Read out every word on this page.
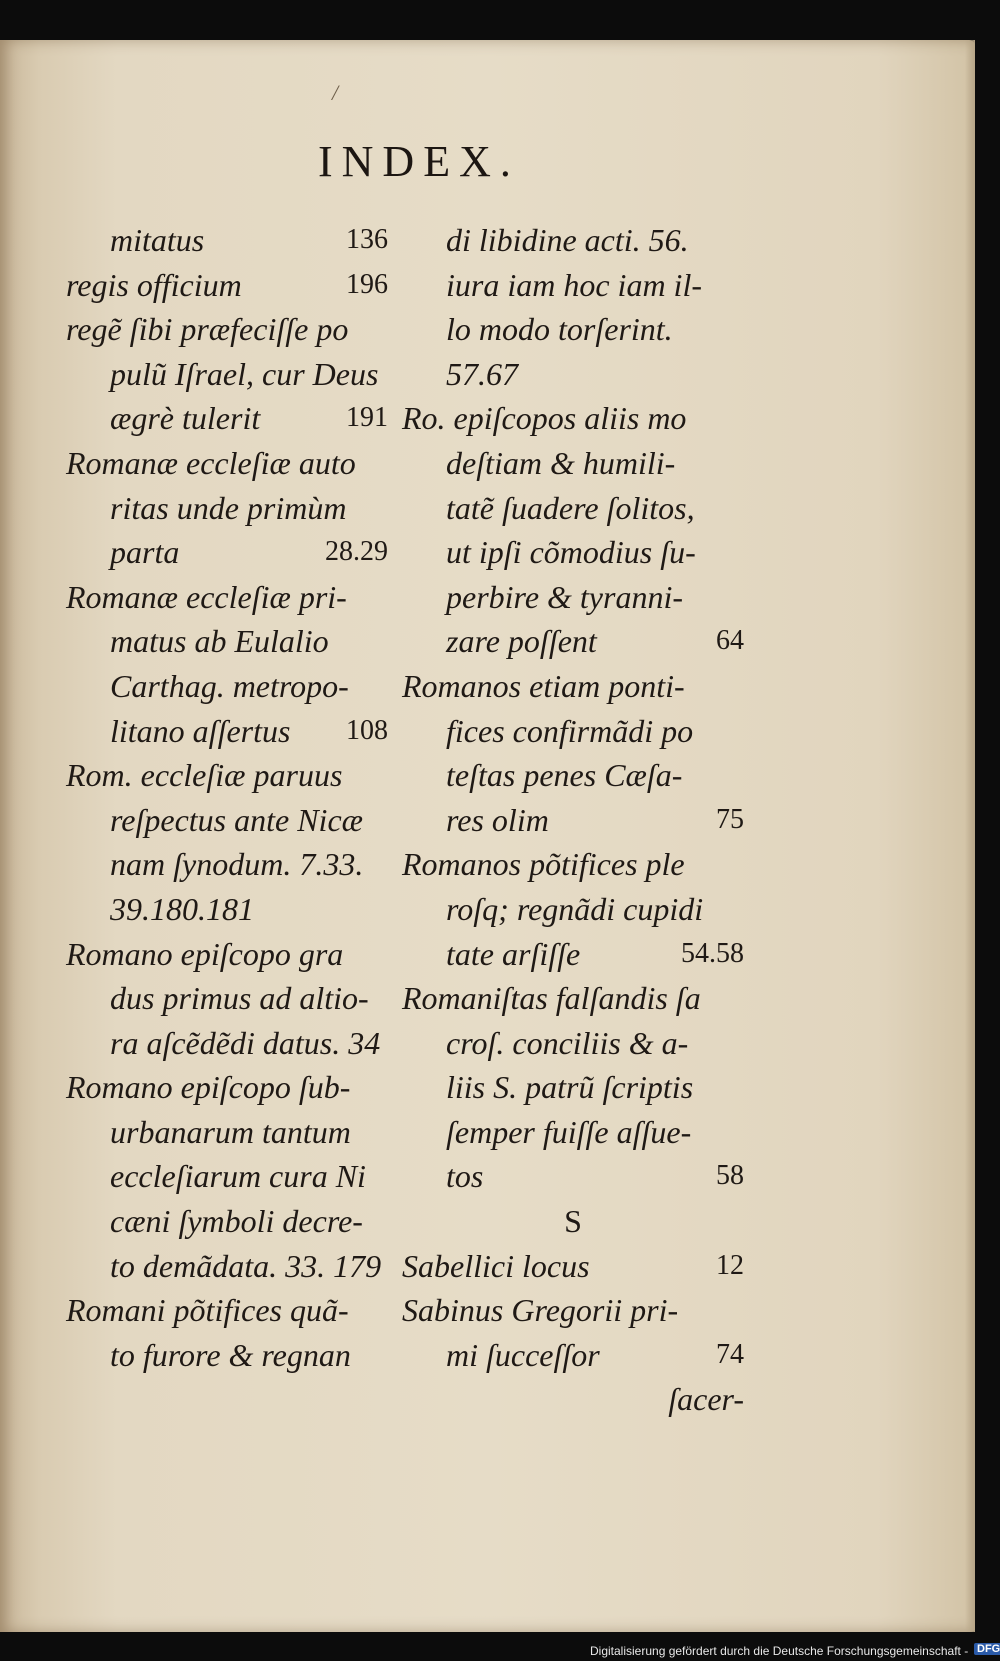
/
INDEX.
mitatus	136
regis officium	196
regẽ ſibi præfeciſſe po
pulũ Iſrael, cur Deus
ægrè tulerit	191
Romanæ eccleſiæ auto
ritas unde primùm
parta	28.29
Romanæ eccleſiæ pri-
matus ab Eulalio
Carthag. metropo-
litano aſſertus 108
Rom. eccleſiæ paruus
reſpectus ante Nicæ
nam ſynodum. 7.33.
39.180.181
Romano epiſcopo gra
dus primus ad altio-
ra aſcẽdẽdi datus. 34
Romano epiſcopo ſub-
urbanarum tantum
eccleſiarum cura Ni
cæni ſymboli decre-
to demãdata. 33. 179
Romani põtifices quã-
to furore & regnan
di libidine acti. 56.
iura iam hoc iam il-
lo modo torſerint.
57.67
Ro. epiſcopos aliis mo
deſtiam & humili-
tatẽ ſuadere ſolitos,
ut ipſi cõmodius ſu-
perbire & tyranni-
zare poſſent	64
Romanos etiam ponti-
fices confirmãdi po
teſtas penes Cæſa-
res olim	75
Romanos põtifices ple
roſq; regnãdi cupidi
tate arſiſſe	54.58
Romaniſtas falſandis ſa
croſ. conciliis & a-
liis S. patrũ ſcriptis
ſemper fuiſſe aſſue-
tos	58
S
Sabellici locus	12
Sabinus Gregorii pri-
mi ſucceſſor	74
ſacer-
Digitalisierung gefördert durch die Deutsche Forschungsgemeinschaft - DFG
